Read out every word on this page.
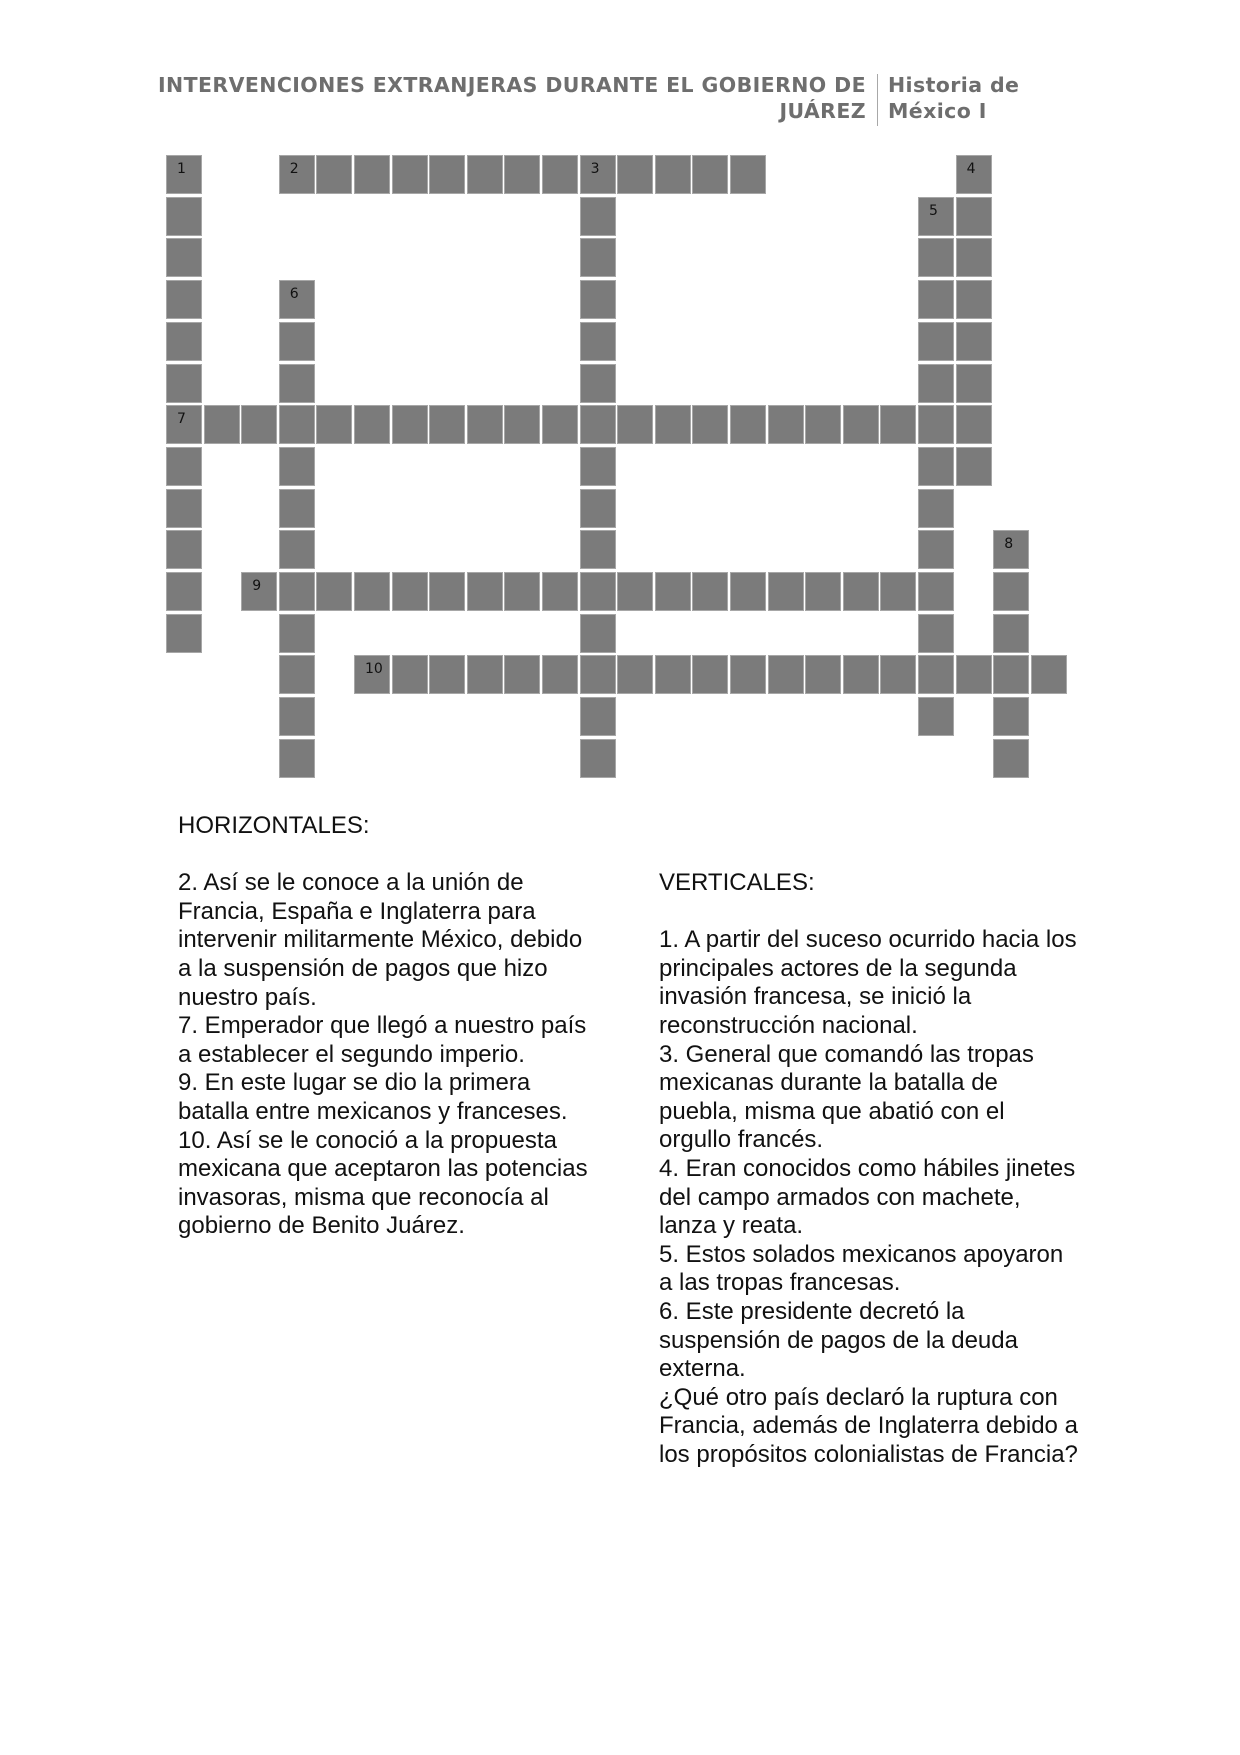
INTERVENCIONES EXTRANJERAS DURANTE EL GOBIERNO DE JUÁREZ
Historia de México I
1
7
2	3	4
5
6
8
9
10

HORIZONTALES:

2. Así se le conoce a la unión de Francia, España e Inglaterra para intervenir militarmente México, debido a la suspensión de pagos que hizo nuestro país.

7. Emperador que llegó a nuestro país a establecer el segundo imperio.

9. En este lugar se dio la primera batalla entre mexicanos y franceses.

10. Así se le conoció a la propuesta mexicana que aceptaron las potencias invasoras, misma que reconocía al gobierno de Benito Juárez.

VERTICALES:

1. A partir del suceso ocurrido hacia los principales actores de la segunda invasión francesa, se inició la reconstrucción nacional.

3. General que comandó las tropas mexicanas durante la batalla de puebla, misma que abatió con el orgullo francés.

4. Eran conocidos como hábiles jinetes del campo armados con machete, lanza y reata.

5. Estos solados mexicanos apoyaron a las tropas francesas.

6. Este presidente decretó la suspensión de pagos de la deuda externa.

¿Qué otro país declaró la ruptura con Francia, además de Inglaterra debido a los propósitos colonialistas de Francia?
